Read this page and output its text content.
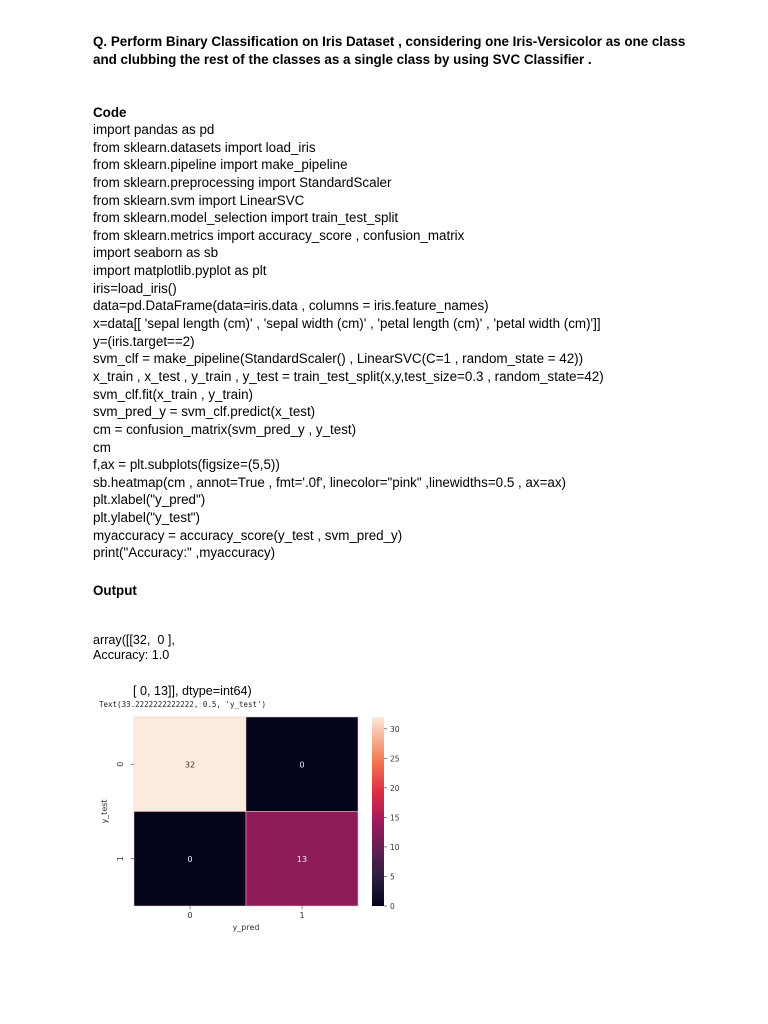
Q. Perform Binary Classification on Iris Dataset , considering one Iris-Versicolor as one class and clubbing the rest of the classes as a single class by using SVC Classifier .
Code
import pandas as pd
from sklearn.datasets import load_iris
from sklearn.pipeline import make_pipeline
from sklearn.preprocessing import StandardScaler
from sklearn.svm import LinearSVC
from sklearn.model_selection import train_test_split
from sklearn.metrics import accuracy_score , confusion_matrix
import seaborn as sb
import matplotlib.pyplot as plt
iris=load_iris()
data=pd.DataFrame(data=iris.data , columns = iris.feature_names)
x=data[[ 'sepal length (cm)' , 'sepal width (cm)' , 'petal length (cm)' , 'petal width (cm)']]
y=(iris.target==2)
svm_clf = make_pipeline(StandardScaler() , LinearSVC(C=1 , random_state = 42))
x_train , x_test , y_train , y_test = train_test_split(x,y,test_size=0.3 , random_state=42)
svm_clf.fit(x_train , y_train)
svm_pred_y = svm_clf.predict(x_test)
cm = confusion_matrix(svm_pred_y , y_test)
cm
f,ax = plt.subplots(figsize=(5,5))
sb.heatmap(cm , annot=True , fmt='.0f', linecolor="pink" ,linewidths=0.5 , ax=ax)
plt.xlabel("y_pred")
plt.ylabel("y_test")
myaccuracy = accuracy_score(y_test , svm_pred_y)
print("Accuracy:" ,myaccuracy)
Output

array([[32,  0 ],

[ 0, 13]], dtype=int64)

Accuracy: 1.0
Text(33.2222222222222, 0.5, 'y_test')
32	0
0	13
0	1
0
1
y_pred
y_test
0
5
10
15
20
25
30
